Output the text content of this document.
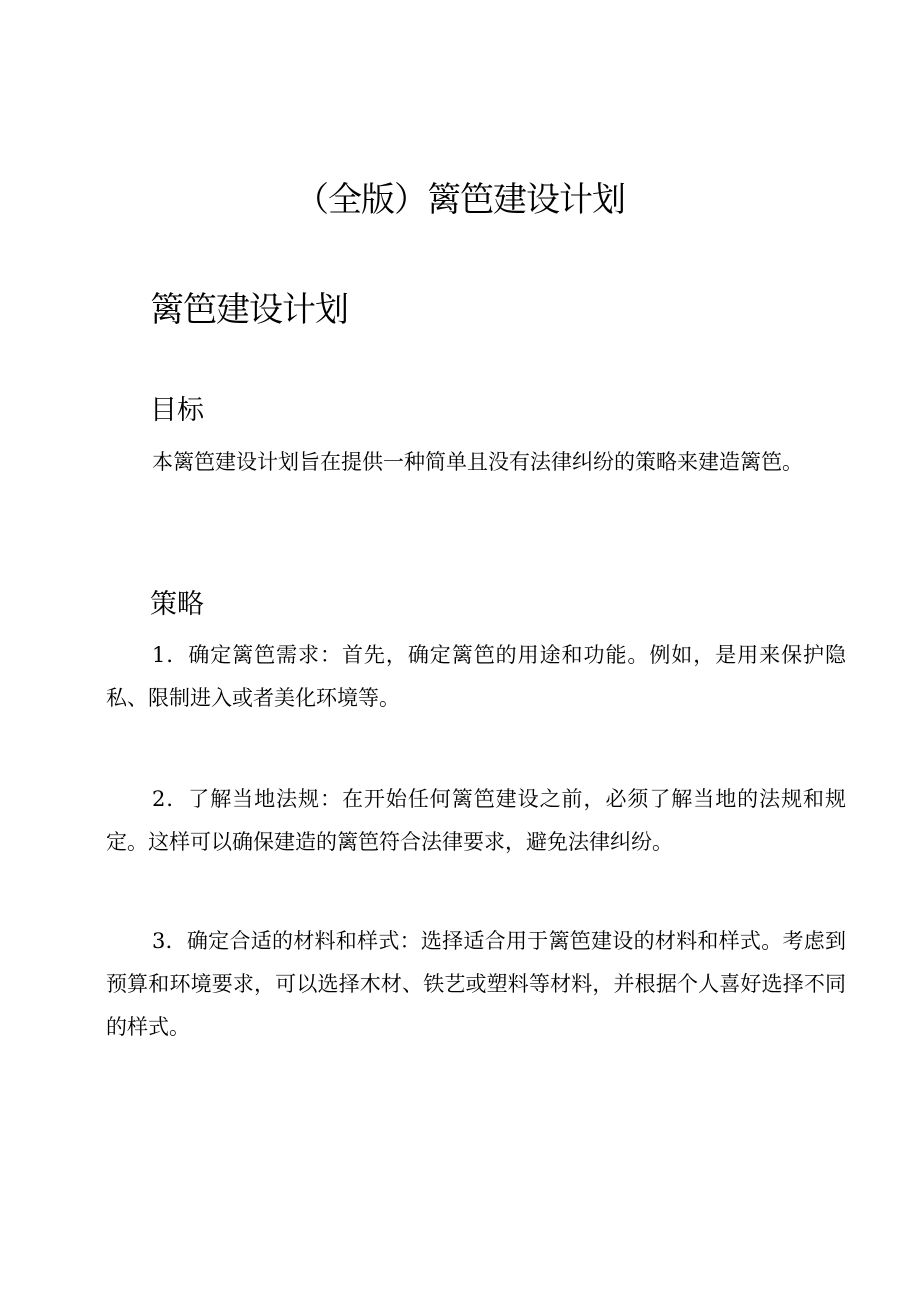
（全版）篱笆建设计划
篱笆建设计划
目标
本篱笆建设计划旨在提供一种简单且没有法律纠纷的策略来建造篱笆。
策略
1．确定篱笆需求：首先，确定篱笆的用途和功能。例如，是用来保护隐私、限制进入或者美化环境等。
2．了解当地法规：在开始任何篱笆建设之前，必须了解当地的法规和规定。这样可以确保建造的篱笆符合法律要求，避免法律纠纷。
3．确定合适的材料和样式：选择适合用于篱笆建设的材料和样式。考虑到预算和环境要求，可以选择木材、铁艺或塑料等材料，并根据个人喜好选择不同的样式。
